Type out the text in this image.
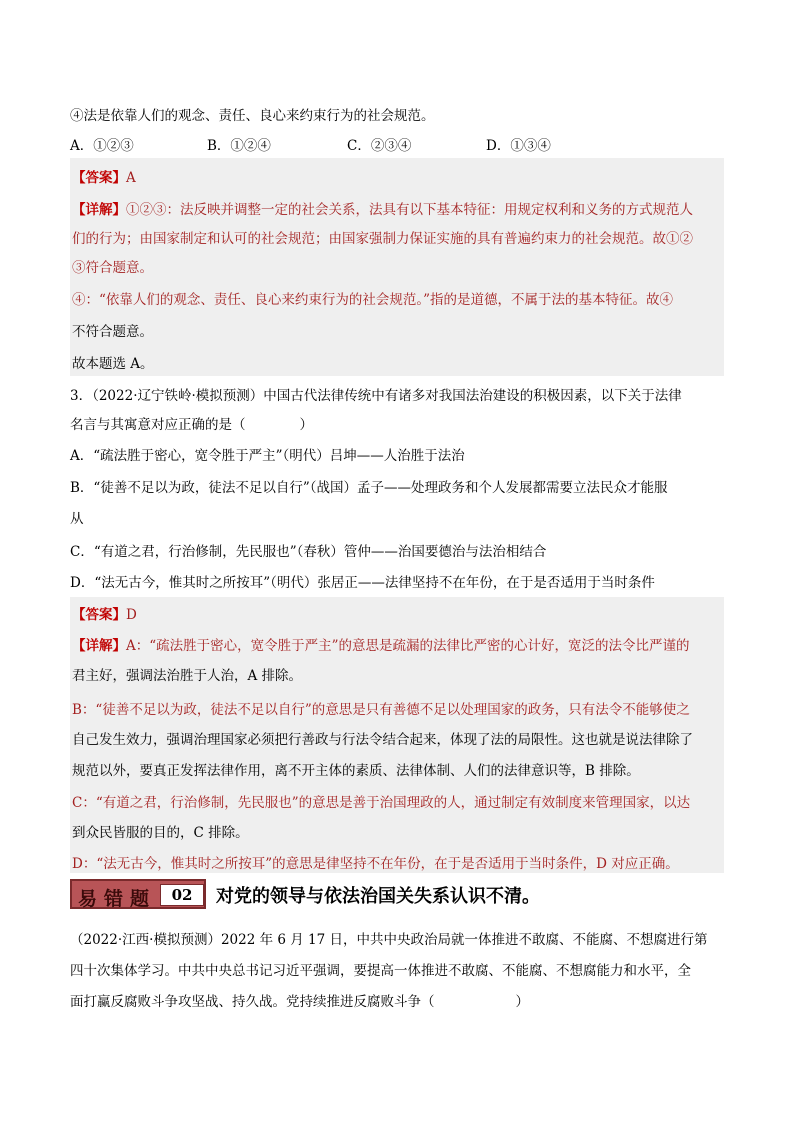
④法是依靠人们的观念、责任、良心来约束行为的社会规范。
A．①②③	B．①②④	C．②③④	D．①③④
【答案】A
【详解】①②③：法反映并调整一定的社会关系，法具有以下基本特征：用规定权利和义务的方式规范人
们的行为；由国家制定和认可的社会规范；由国家强制力保证实施的具有普遍约束力的社会规范。故①②
③符合题意。
④：“依靠人们的观念、责任、良心来约束行为的社会规范。”指的是道德，不属于法的基本特征。故④
不符合题意。
故本题选 A。
3．（2022·辽宁铁岭·模拟预测）中国古代法律传统中有诸多对我国法治建设的积极因素，以下关于法律
名言与其寓意对应正确的是（　　　　）
A．“疏法胜于密心，宽令胜于严主”（明代）吕坤——人治胜于法治
B．“徒善不足以为政，徒法不足以自行”（战国）孟子——处理政务和个人发展都需要立法民众才能服
从
C．“有道之君，行治修制，先民服也”（春秋）管仲——治国要德治与法治相结合
D．“法无古今，惟其时之所按耳”（明代）张居正——法律坚持不在年份，在于是否适用于当时条件
【答案】D
【详解】A：“疏法胜于密心，宽令胜于严主”的意思是疏漏的法律比严密的心计好，宽泛的法令比严谨的
君主好，强调法治胜于人治，A 排除。
B：“徒善不足以为政，徒法不足以自行”的意思是只有善德不足以处理国家的政务，只有法令不能够使之
自己发生效力，强调治理国家必须把行善政与行法令结合起来，体现了法的局限性。这也就是说法律除了
规范以外，要真正发挥法律作用，离不开主体的素质、法律体制、人们的法律意识等，B 排除。
C：“有道之君，行治修制，先民服也”的意思是善于治国理政的人，通过制定有效制度来管理国家，以达
到众民皆服的目的，C 排除。
D：“法无古今，惟其时之所按耳”的意思是律坚持不在年份，在于是否适用于当时条件，D 对应正确。
易错题	02	对党的领导与依法治国关失系认识不清。
（2022·江西·模拟预测）2022 年 6 月 17 日，中共中央政治局就一体推进不敢腐、不能腐、不想腐进行第
四十次集体学习。中共中央总书记习近平强调，要提高一体推进不敢腐、不能腐、不想腐能力和水平，全
面打赢反腐败斗争攻坚战、持久战。党持续推进反腐败斗争（　　　　　　）
